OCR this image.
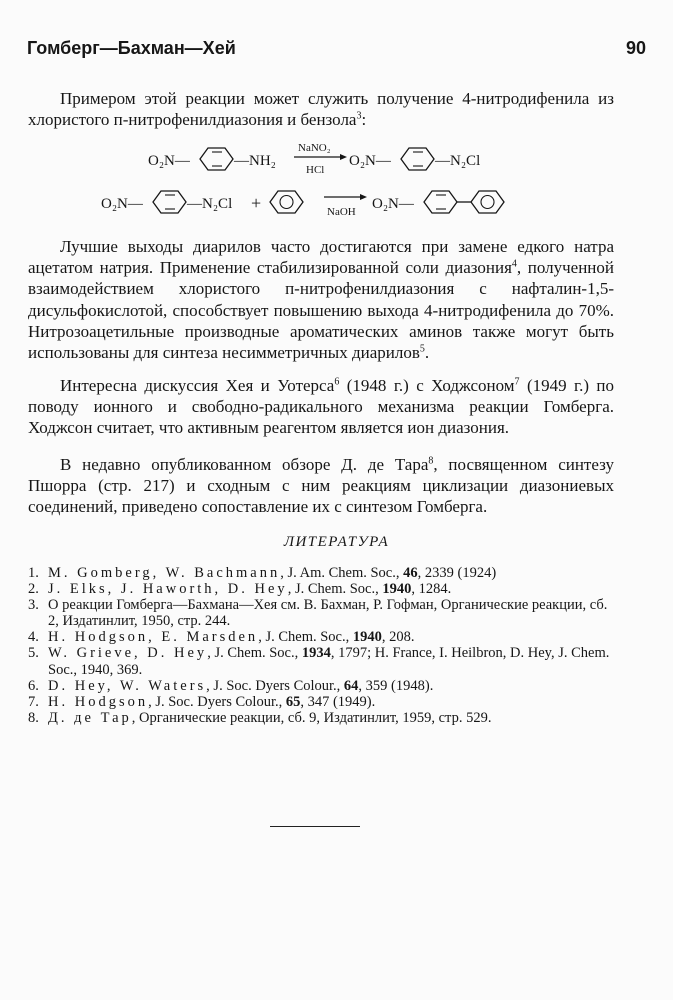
Гомберг—Бахман—Хей	90

Примером этой реакции может служить получение 4-нитродифенила из хлористого п-нитрофенилдиазония и бензола$^3$:

O₂N—	—NH₂
NaNO₂
HCl
O₂N—	—N₂Cl
O₂N—	—N₂Cl +	NaOH O₂N—

Лучшие выходы диарилов часто достигаются при замене едкого натра ацетатом натрия. Применение стабилизированной соли диазония$^4$, полученной взаимодействием хлористого п-нитрофенилдиазония с нафталин-1,5-дисульфокислотой, способствует повышению выхода 4-нитродифенила до 70%. Нитрозоацетильные производные ароматических аминов также могут быть использованы для синтеза несимметричных диарилов$^5$.

Интересна дискуссия Хея и Уотерса$^6$ (1948 г.) с Ходжсоном$^7$ (1949 г.) по поводу ионного и свободно-радикального механизма реакции Гомберга. Ходжсон считает, что активным реагентом является ион диазония.

В недавно опубликованном обзоре Д. де Тара$^8$, посвященном синтезу Пшорра (стр. 217) и сходным с ним реакциям циклизации диазониевых соединений, приведено сопоставление их с синтезом Гомберга.

ЛИТЕРАТУРА
1. M. Gomberg, W. Bachmann, J. Am. Chem. Soc., 46, 2339 (1924)
2. J. Elks, J. Haworth, D. Hey, J. Chem. Soc., 1940, 1284.
3. О реакции Гомберга—Бахмана—Хея см. В. Бахман, Р. Гофман, Органические реакции, сб. 2, Издатинлит, 1950, стр. 244.
4. H. Hodgson, E. Marsden, J. Chem. Soc., 1940, 208.
5. W. Grieve, D. Hey, J. Chem. Soc., 1934, 1797; H. France, I. Heilbron, D. Hey, J. Chem. Soc., 1940, 369.
6. D. Hey, W. Waters, J. Soc. Dyers Colour., 64, 359 (1948).
7. H. Hodgson, J. Soc. Dyers Colour., 65, 347 (1949).
8. Д. де Тар, Органические реакции, сб. 9, Издатинлит, 1959, стр. 529.
